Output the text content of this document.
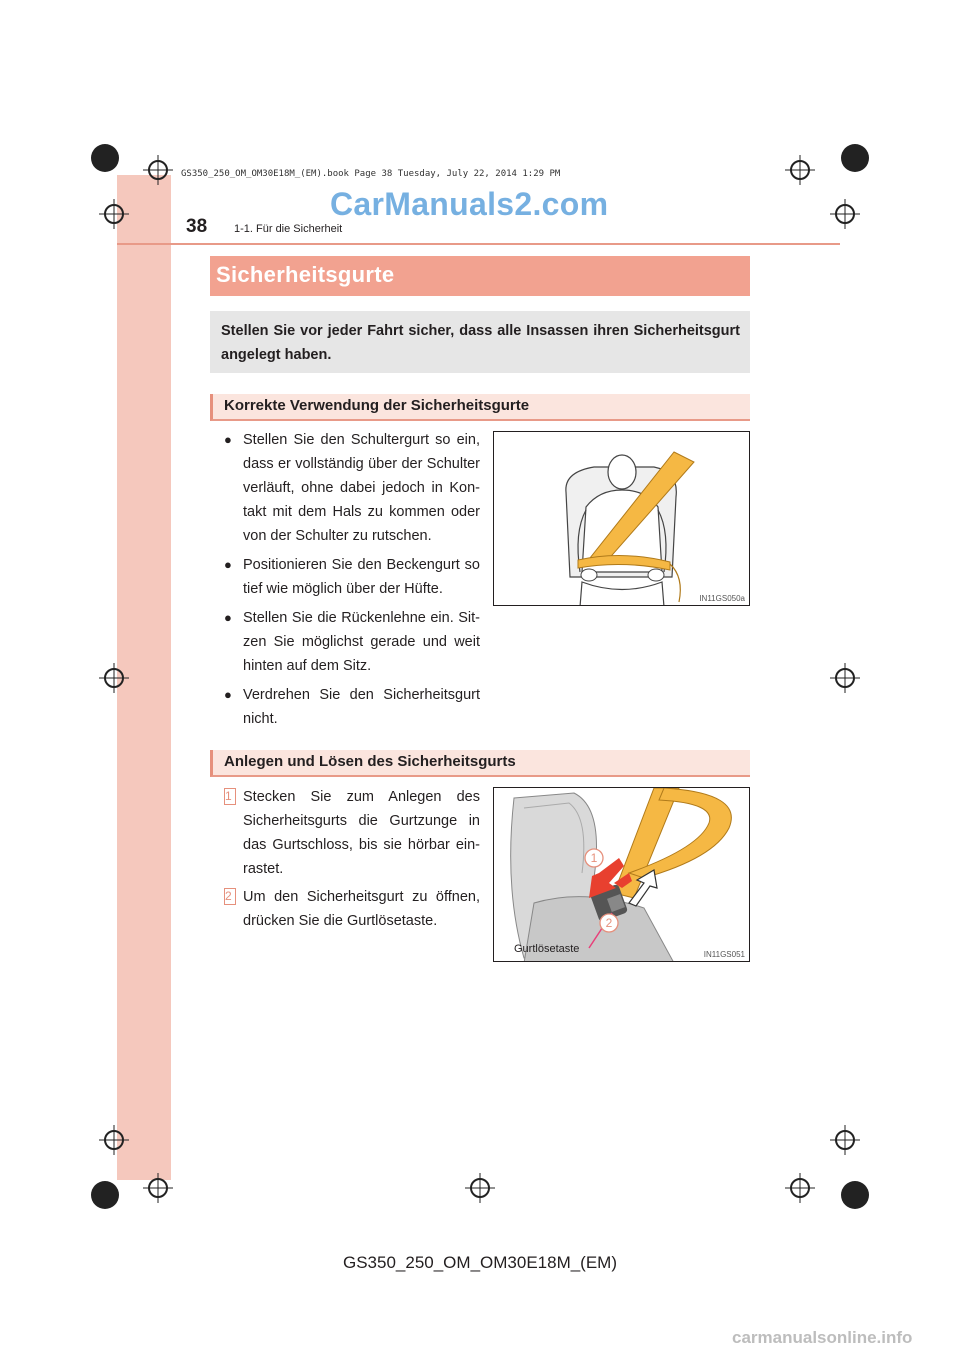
GS350_250_OM_OM30E18M_(EM).book Page 38 Tuesday, July 22, 2014 1:29 PM
CarManuals2.com
38 1-1. Für die Sicherheit
Sicherheitsgurte
Stellen Sie vor jeder Fahrt sicher, dass alle Insassen ihren Sicherheitsgurt angelegt haben.
Korrekte Verwendung der Sicherheitsgurte
● Stellen Sie den Schultergurt so ein, dass er vollständig über der Schulter verläuft, ohne dabei jedoch in Kon-takt mit dem Hals zu kommen oder von der Schulter zu rutschen.
● Positionieren Sie den Beckengurt so tief wie möglich über der Hüfte.
● Stellen Sie die Rückenlehne ein. Sit-zen Sie möglichst gerade und weit hinten auf dem Sitz.
● Verdrehen Sie den Sicherheitsgurt nicht.
IN11GS050a
Anlegen und Lösen des Sicherheitsgurts
1 Stecken Sie zum Anlegen des Sicherheitsgurts die Gurtzunge in das Gurtschloss, bis sie hörbar ein-rastet.
2 Um den Sicherheitsgurt zu öffnen, drücken Sie die Gurtlösetaste.
1
2
Gurtlösetaste	IN11GS051
GS350_250_OM_OM30E18M_(EM)
carmanualsonline.info
